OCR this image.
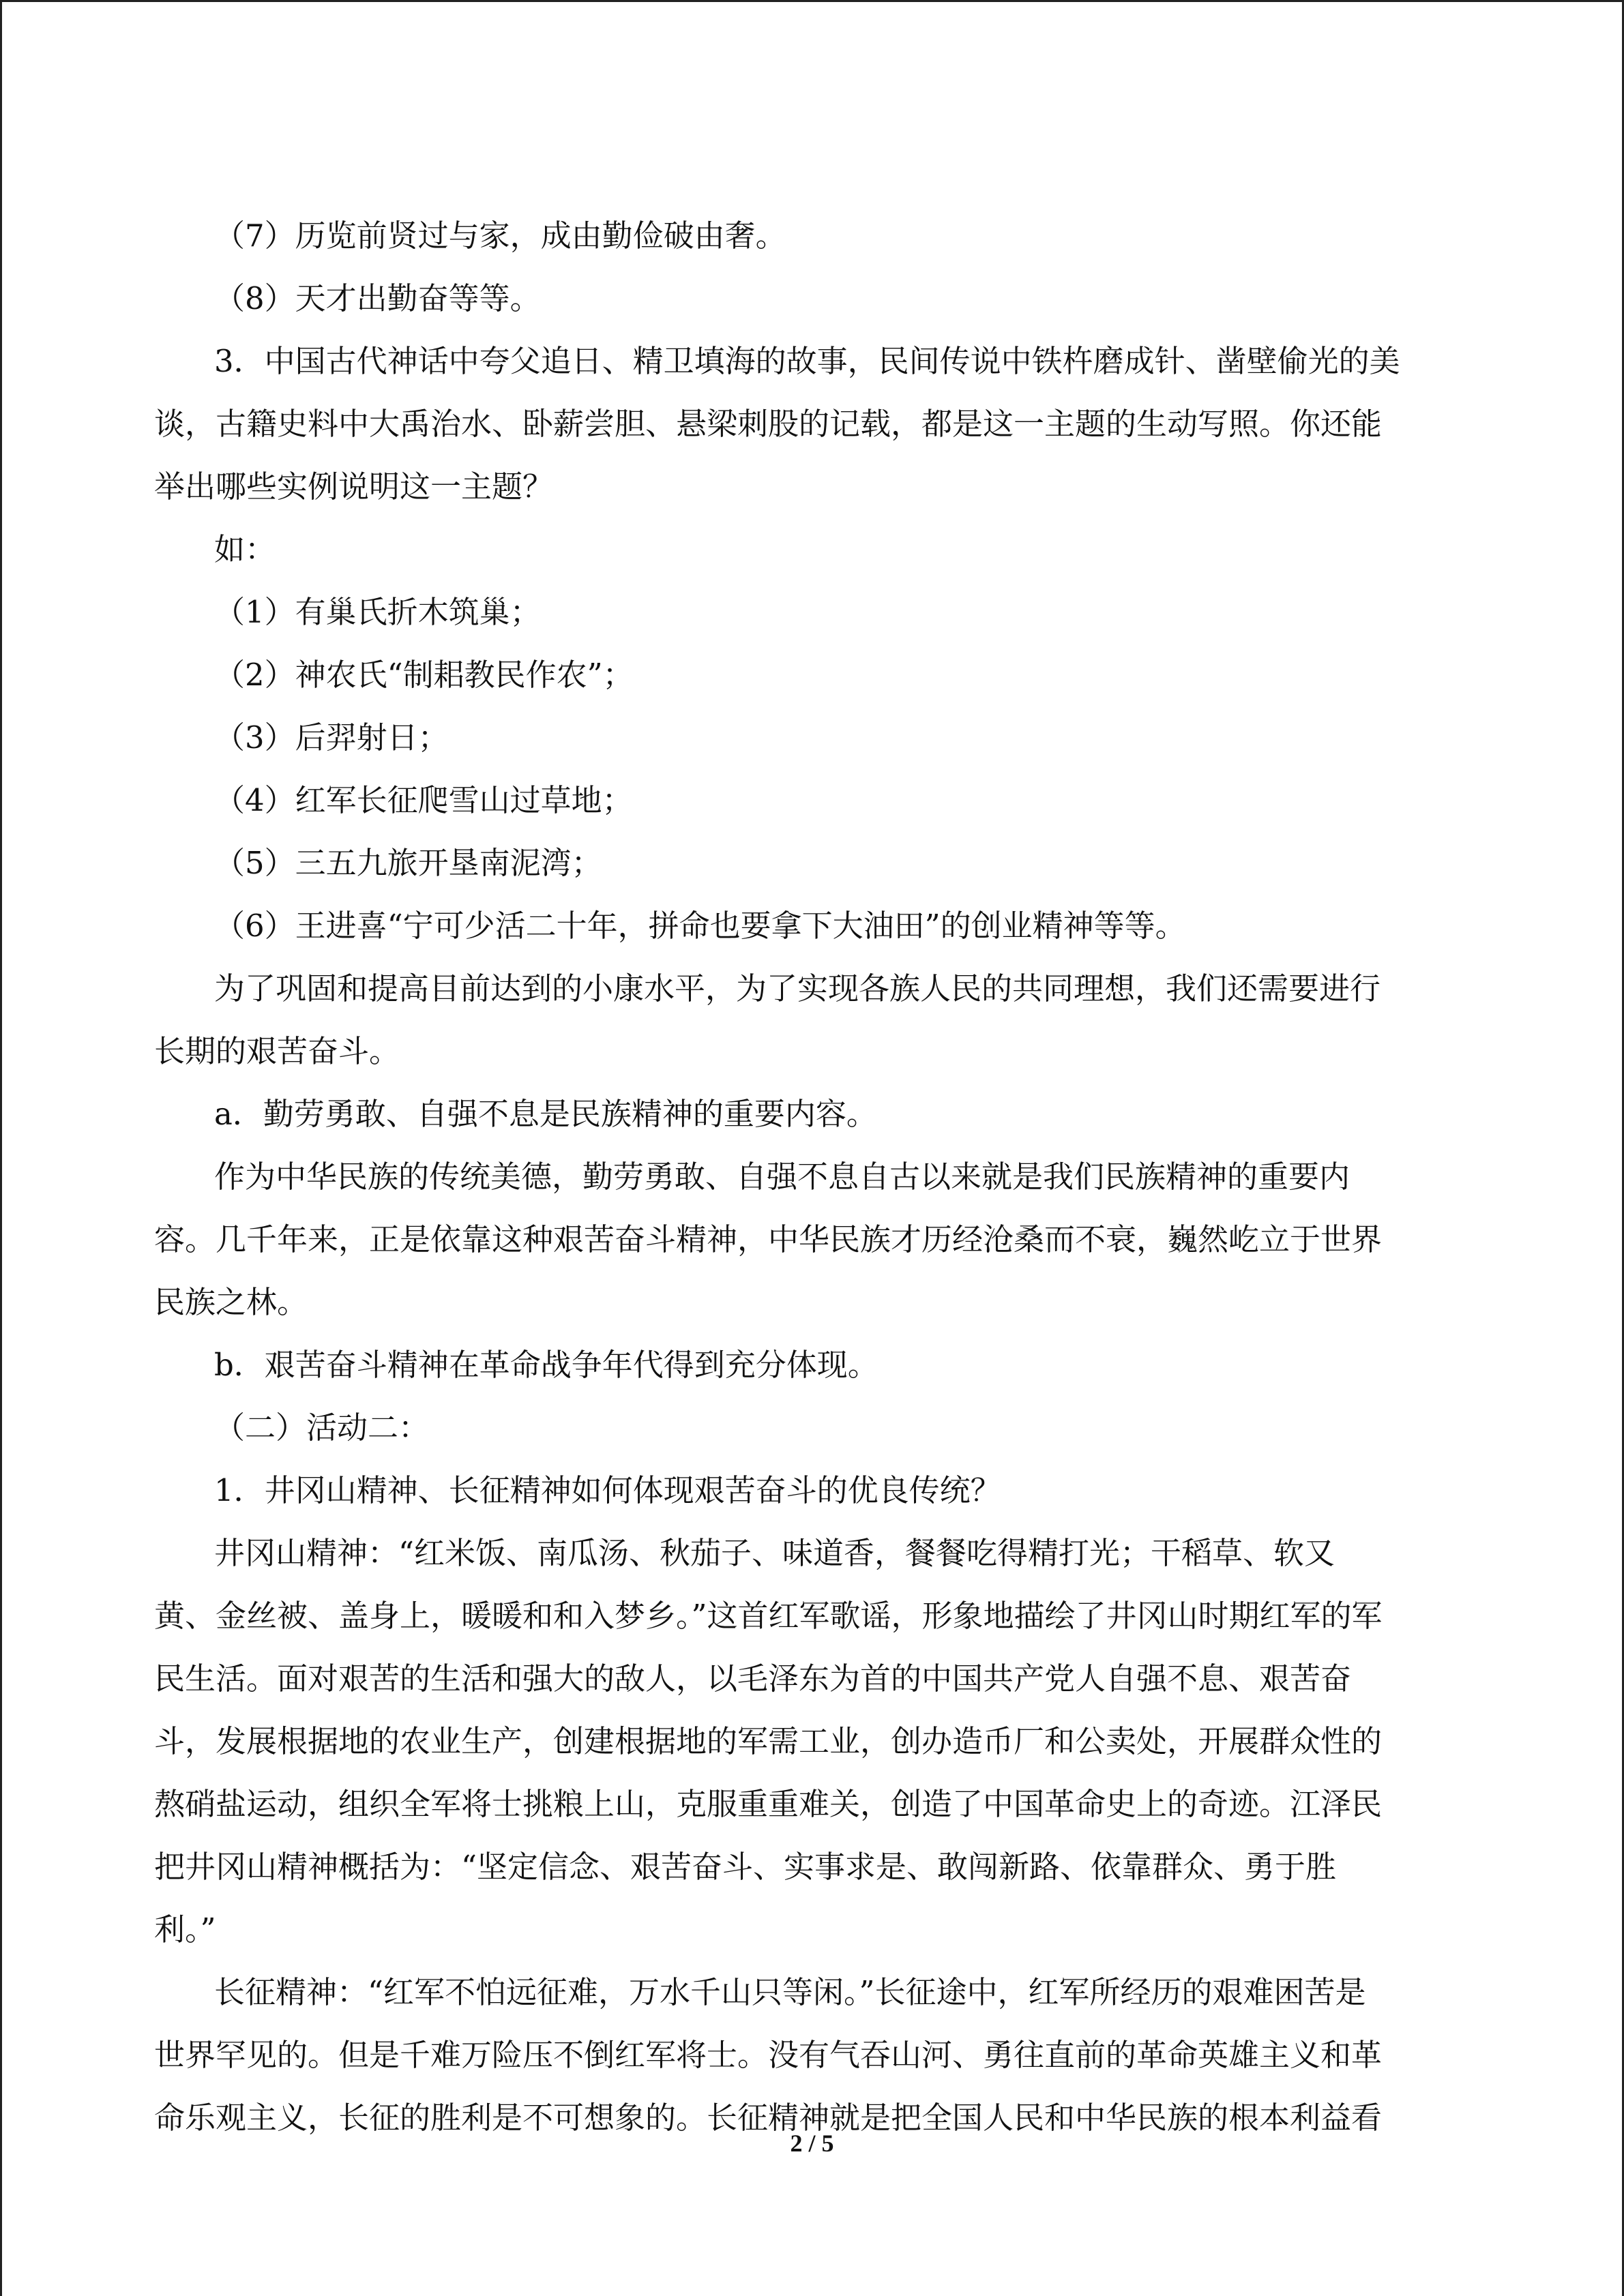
（7）历览前贤过与家，成由勤俭破由奢。
（8）天才出勤奋等等。
3．中国古代神话中夸父追日、精卫填海的故事，民间传说中铁杵磨成针、凿壁偷光的美
谈，古籍史料中大禹治水、卧薪尝胆、悬梁刺股的记载，都是这一主题的生动写照。你还能
举出哪些实例说明这一主题？
如：
（1）有巢氏折木筑巢；
（2）神农氏“制耜教民作农”；
（3）后羿射日；
（4）红军长征爬雪山过草地；
（5）三五九旅开垦南泥湾；
（6）王进喜“宁可少活二十年，拼命也要拿下大油田”的创业精神等等。
为了巩固和提高目前达到的小康水平，为了实现各族人民的共同理想，我们还需要进行
长期的艰苦奋斗。
a．勤劳勇敢、自强不息是民族精神的重要内容。
作为中华民族的传统美德，勤劳勇敢、自强不息自古以来就是我们民族精神的重要内
容。几千年来，正是依靠这种艰苦奋斗精神，中华民族才历经沧桑而不衰，巍然屹立于世界
民族之林。
b．艰苦奋斗精神在革命战争年代得到充分体现。
（二）活动二：
1．井冈山精神、长征精神如何体现艰苦奋斗的优良传统？
井冈山精神：“红米饭、南瓜汤、秋茄子、味道香，餐餐吃得精打光；干稻草、软又
黄、金丝被、盖身上，暖暖和和入梦乡。”这首红军歌谣，形象地描绘了井冈山时期红军的军
民生活。面对艰苦的生活和强大的敌人，以毛泽东为首的中国共产党人自强不息、艰苦奋
斗，发展根据地的农业生产，创建根据地的军需工业，创办造币厂和公卖处，开展群众性的
熬硝盐运动，组织全军将士挑粮上山，克服重重难关，创造了中国革命史上的奇迹。江泽民
把井冈山精神概括为：“坚定信念、艰苦奋斗、实事求是、敢闯新路、依靠群众、勇于胜
利。”
长征精神：“红军不怕远征难，万水千山只等闲。”长征途中，红军所经历的艰难困苦是
世界罕见的。但是千难万险压不倒红军将士。没有气吞山河、勇往直前的革命英雄主义和革
命乐观主义，长征的胜利是不可想象的。长征精神就是把全国人民和中华民族的根本利益看
2 / 5
